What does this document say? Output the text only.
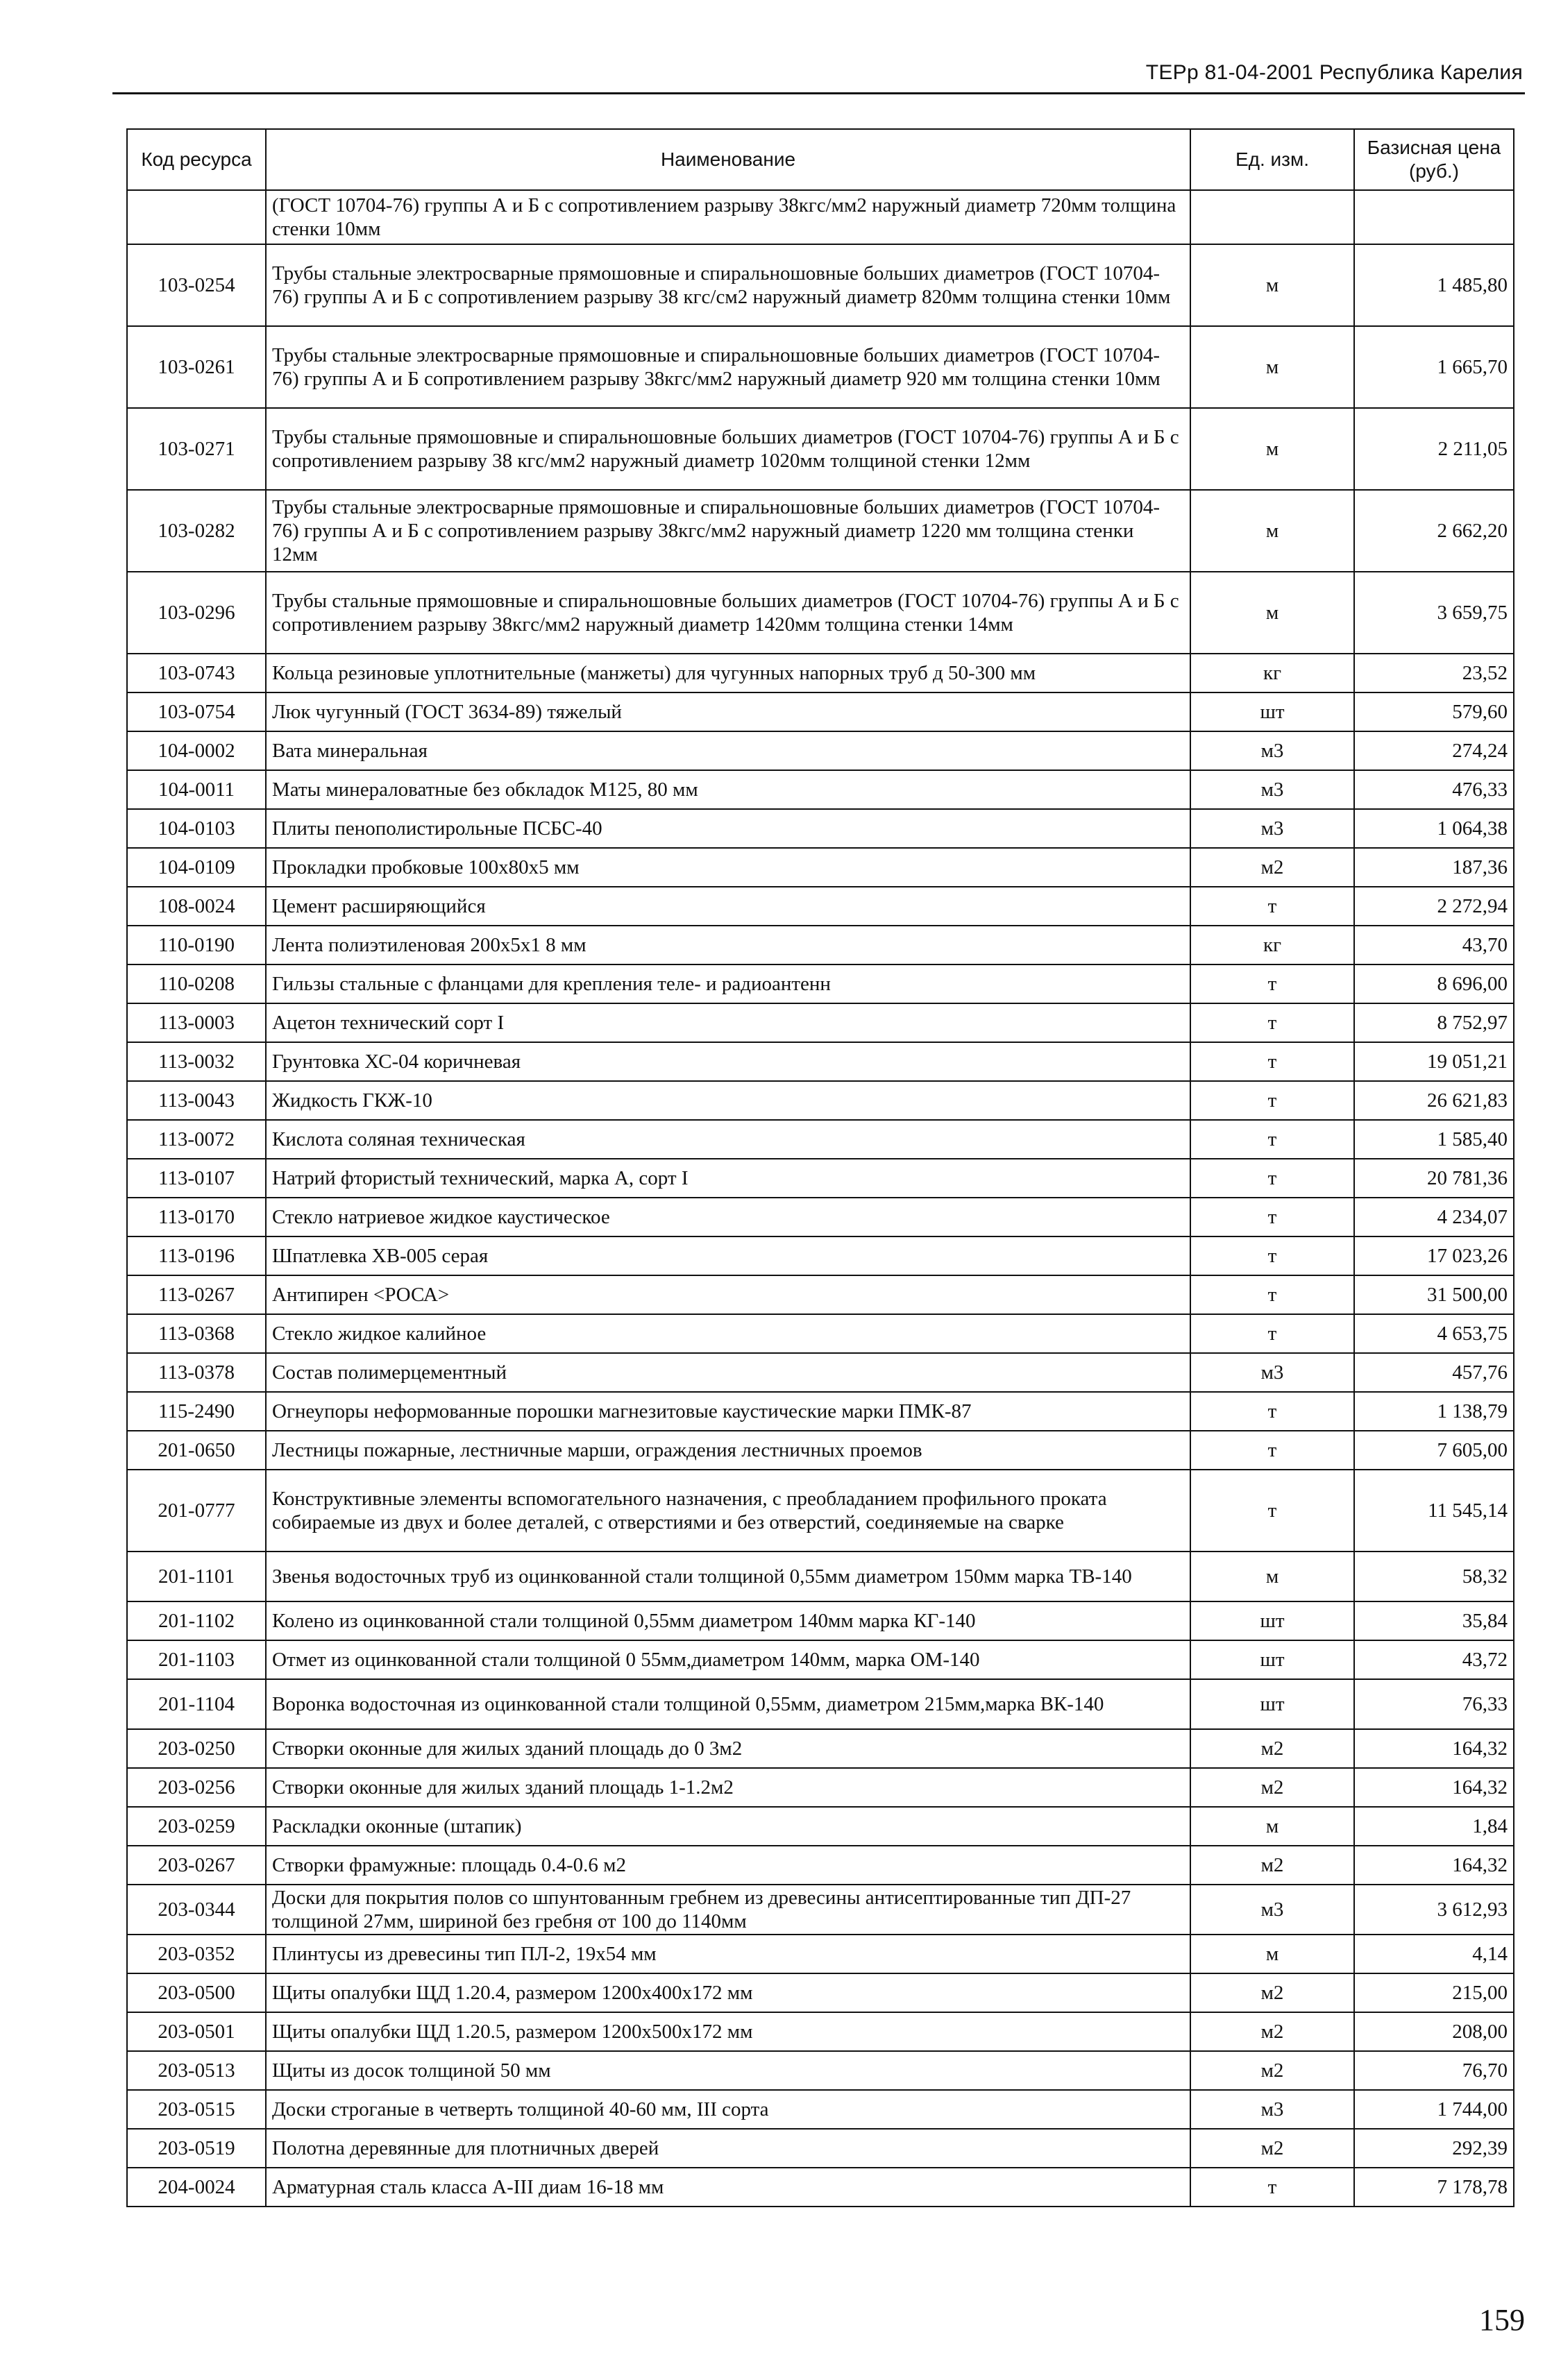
ТЕРр 81-04-2001 Республика Карелия
Код ресурса	Наименование	Ед. изм.	Базисная цена (руб.)
	(ГОСТ 10704-76) группы А и Б с сопротивлением разрыву 38кгс/мм2 наружный диаметр 720мм толщина стенки 10мм		
103-0254	Трубы стальные электросварные прямошовные и спиральношовные больших диаметров (ГОСТ 10704-76) группы А и Б с сопротивлением разрыву 38 кгс/см2 наружный диаметр 820мм толщина стенки 10мм	м	1 485,80
103-0261	Трубы стальные электросварные прямошовные и спиральношовные больших диаметров (ГОСТ 10704-76) группы А и Б сопротивлением разрыву 38кгс/мм2 наружный диаметр 920 мм толщина стенки 10мм	м	1 665,70
103-0271	Трубы стальные прямошовные и спиральношовные больших диаметров (ГОСТ 10704-76) группы А и Б с сопротивлением разрыву 38 кгс/мм2 наружный диаметр 1020мм толщиной стенки 12мм	м	2 211,05
103-0282	Трубы стальные электросварные прямошовные и спиральношовные больших диаметров (ГОСТ 10704-76) группы А и Б с сопротивлением разрыву 38кгс/мм2 наружный диаметр 1220 мм толщина стенки 12мм	м	2 662,20
103-0296	Трубы стальные прямошовные и спиральношовные больших диаметров (ГОСТ 10704-76) группы А и Б с сопротивлением разрыву 38кгс/мм2 наружный диаметр 1420мм толщина стенки 14мм	м	3 659,75
103-0743	Кольца резиновые уплотнительные (манжеты) для чугунных напорных труб д 50-300 мм	кг	23,52
103-0754	Люк чугунный (ГОСТ 3634-89) тяжелый	шт	579,60
104-0002	Вата минеральная	м3	274,24
104-0011	Маты минераловатные без обкладок М125, 80 мм	м3	476,33
104-0103	Плиты пенополистирольные ПСБС-40	м3	1 064,38
104-0109	Прокладки пробковые 100х80х5 мм	м2	187,36
108-0024	Цемент расширяющийся	т	2 272,94
110-0190	Лента полиэтиленовая 200х5х1 8 мм	кг	43,70
110-0208	Гильзы стальные с фланцами для крепления теле- и радиоантенн	т	8 696,00
113-0003	Ацетон технический сорт I	т	8 752,97
113-0032	Грунтовка ХС-04 коричневая	т	19 051,21
113-0043	Жидкость ГКЖ-10	т	26 621,83
113-0072	Кислота соляная техническая	т	1 585,40
113-0107	Натрий фтористый технический, марка А, сорт I	т	20 781,36
113-0170	Стекло натриевое жидкое каустическое	т	4 234,07
113-0196	Шпатлевка ХВ-005 серая	т	17 023,26
113-0267	Антипирен <РОСА>	т	31 500,00
113-0368	Стекло жидкое калийное	т	4 653,75
113-0378	Состав полимерцементный	м3	457,76
115-2490	Огнеупоры неформованные порошки магнезитовые каустические марки ПМК-87	т	1 138,79
201-0650	Лестницы пожарные, лестничные марши, ограждения лестничных проемов	т	7 605,00
201-0777	Конструктивные элементы вспомогательного назначения, с преобладанием профильного проката собираемые из двух и более деталей, с отверстиями и без отверстий, соединяемые на сварке	т	11 545,14
201-1101	Звенья водосточных труб из оцинкованной стали толщиной 0,55мм диаметром 150мм марка ТВ-140	м	58,32
201-1102	Колено из оцинкованной стали толщиной 0,55мм диаметром 140мм марка КГ-140	шт	35,84
201-1103	Отмет из оцинкованной стали толщиной 0 55мм,диаметром 140мм, марка ОМ-140	шт	43,72
201-1104	Воронка водосточная из оцинкованной стали толщиной 0,55мм, диаметром 215мм,марка ВК-140	шт	76,33
203-0250	Створки оконные для жилых зданий площадь до 0 3м2	м2	164,32
203-0256	Створки оконные для жилых зданий площадь 1-1.2м2	м2	164,32
203-0259	Раскладки оконные (штапик)	м	1,84
203-0267	Створки фрамужные: площадь 0.4-0.6 м2	м2	164,32
203-0344	Доски для покрытия полов со шпунтованным гребнем из древесины антисептированные тип ДП-27 толщиной 27мм, шириной без гребня от 100 до 1140мм	м3	3 612,93
203-0352	Плинтусы из древесины тип ПЛ-2, 19х54 мм	м	4,14
203-0500	Щиты опалубки ЩД 1.20.4, размером 1200х400х172 мм	м2	215,00
203-0501	Щиты опалубки ЩД 1.20.5, размером 1200х500х172 мм	м2	208,00
203-0513	Щиты из досок толщиной 50 мм	м2	76,70
203-0515	Доски строганые в четверть толщиной 40-60 мм, III сорта	м3	1 744,00
203-0519	Полотна деревянные для плотничных дверей	м2	292,39
204-0024	Арматурная сталь класса А-III диам 16-18 мм	т	7 178,78
159
